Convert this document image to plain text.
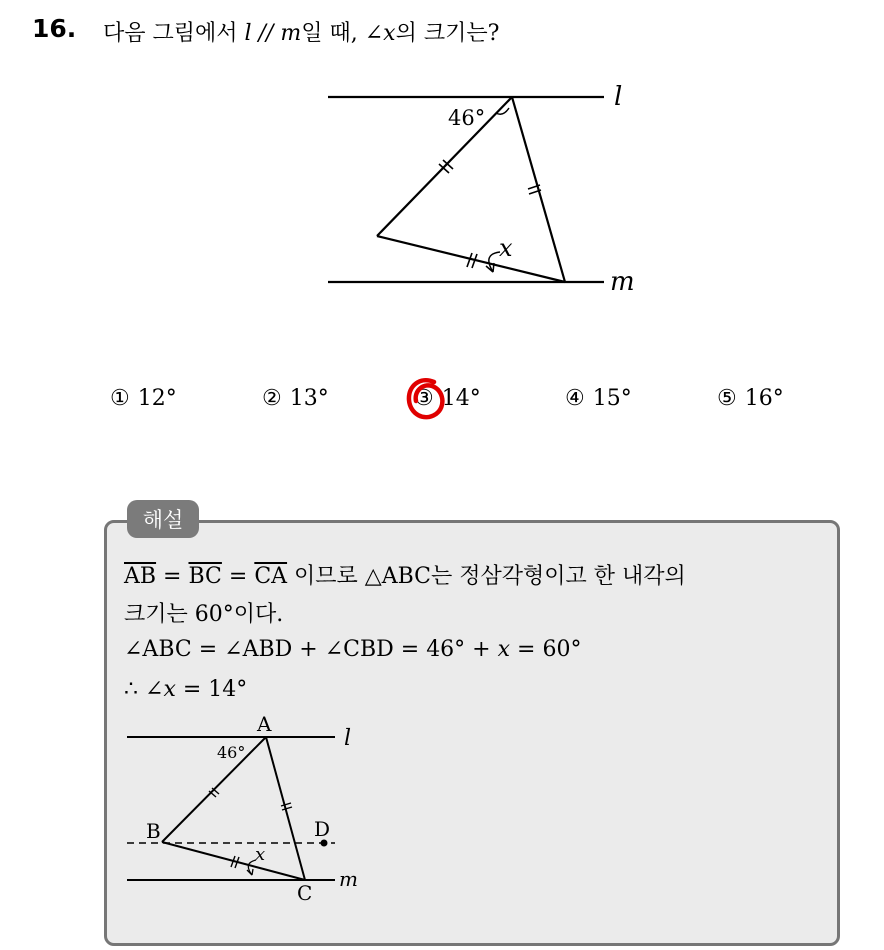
16. 다음 그림에서 l // m일 때, ∠x의 크기는?
46°
x
l
m
① 12°	② 13°	③ 14°	④ 15°	⑤ 16°
해설
$\overline{AB} = \overline{BC} = \overline{CA}$ 이므로 △ABC는 정삼각형이고 한 내각의
크기는 60°이다.
∠ABC = ∠ABD + ∠CBD = 46° + x = 60°
∴ ∠x = 14°
A
B
C
D
46°
x
l
m
